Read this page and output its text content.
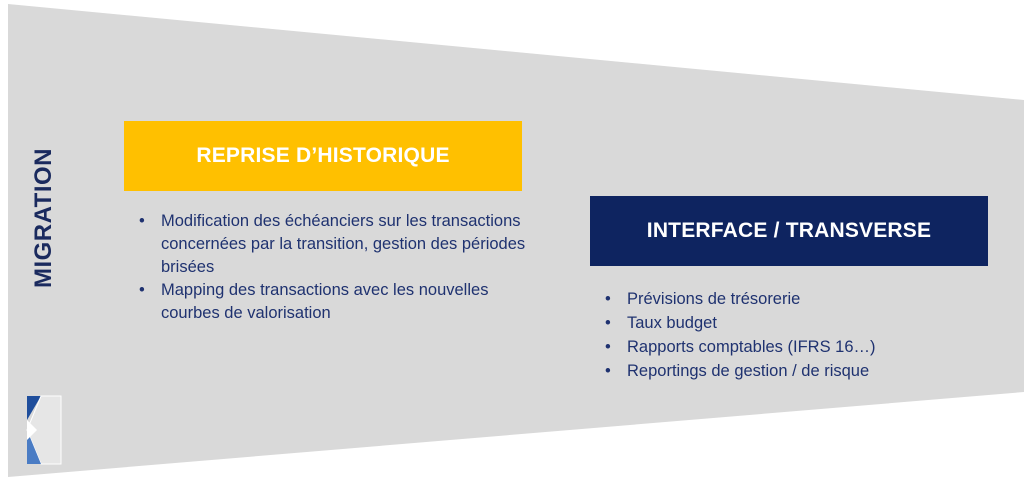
MIGRATION	REPRISE D’HISTORIQUE
• Modification des échéanciers sur les transactions concernées par la transition, gestion des périodes brisées
• Mapping des transactions avec les nouvelles courbes de valorisation
INTERFACE / TRANSVERSE
• Prévisions de trésorerie
• Taux budget
• Rapports comptables (IFRS 16…)
• Reportings de gestion / de risque
